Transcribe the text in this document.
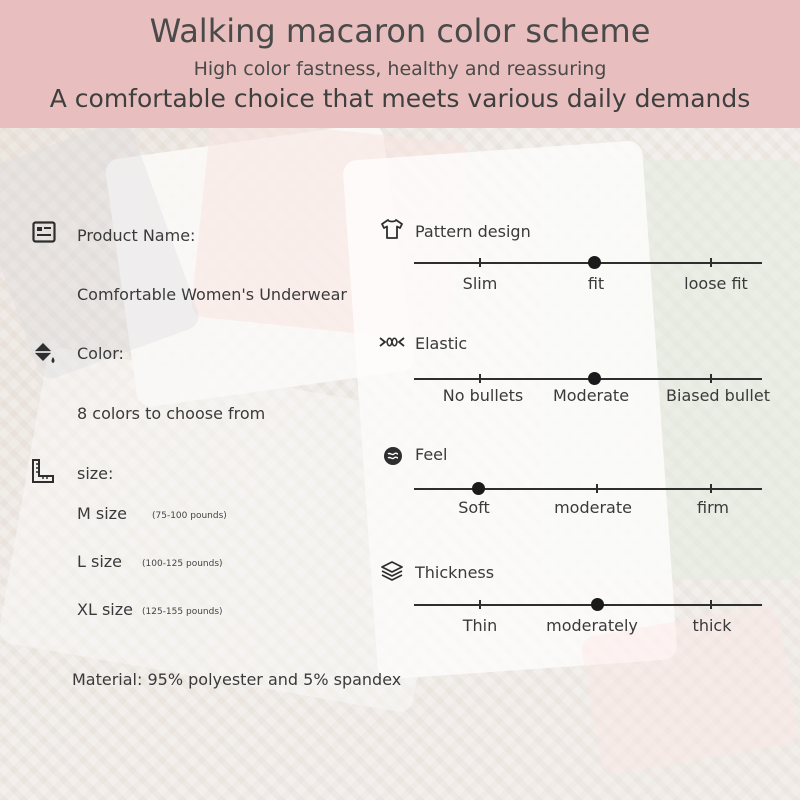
Walking macaron color scheme
High color fastness, healthy and reassuring
A comfortable choice that meets various daily demands
Product Name:
Comfortable Women's Underwear
Color:
8 colors to choose from
size:
M size	(75-100 pounds)
L size (100-125 pounds)
XL size (125-155 pounds)
Material: 95% polyester and 5% spandex
Pattern design
Slim	fit	loose fit
Elastic
No bullets Moderate Biased bullet
Feel
Soft	moderate	firm
Thickness
Thin	moderately	thick
